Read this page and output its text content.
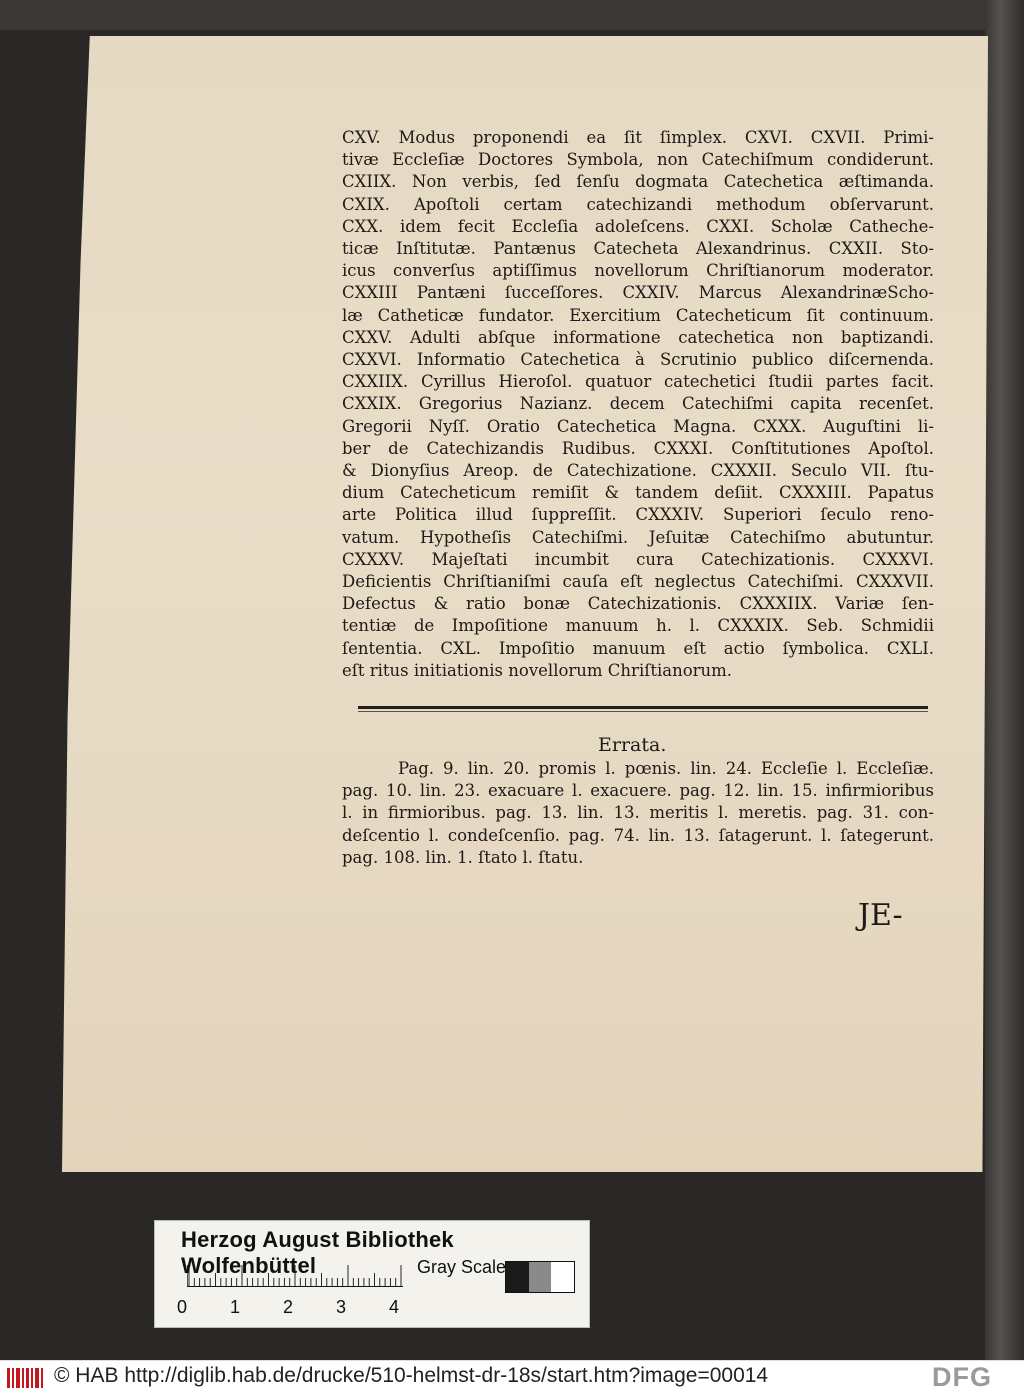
CXV. Modus proponendi ea ſit ſimplex. CXVI. CXVII. Primi-
tivæ Eccleſiæ Doctores Symbola, non Catechiſmum condiderunt.
CXIIX. Non verbis, ſed ſenſu dogmata Catechetica æſtimanda.
CXIX. Apoſtoli certam catechizandi methodum obſervarunt.
CXX. idem fecit Eccleſia adoleſcens. CXXI. Scholæ Catheche-
ticæ Inſtitutæ. Pantænus Catecheta Alexandrinus. CXXII. Sto-
icus converſus aptiſſimus novellorum Chriſtianorum moderator.
CXXIII Pantæni ſucceſſores. CXXIV. Marcus AlexandrinæScho-
læ Catheticæ fundator. Exercitium Catecheticum ſit continuum.
CXXV. Adulti abſque informatione catechetica non baptizandi.
CXXVI. Informatio Catechetica à Scrutinio publico diſcernenda.
CXXIIX. Cyrillus Hieroſol. quatuor catechetici ſtudii partes facit.
CXXIX. Gregorius Nazianz. decem Catechiſmi capita recenſet.
Gregorii Nyſſ. Oratio Catechetica Magna. CXXX. Auguſtini li-
ber de Catechizandis Rudibus. CXXXI. Conſtitutiones Apoſtol.
& Dionyſius Areop. de Catechizatione. CXXXII. Seculo VII. ſtu-
dium Catecheticum remiſit & tandem deſiit. CXXXIII. Papatus
arte Politica illud ſuppreſſit. CXXXIV. Superiori ſeculo reno-
vatum. Hypotheſis Catechiſmi. Jeſuitæ Catechiſmo abutuntur.
CXXXV. Majeſtati incumbit cura Catechizationis. CXXXVI.
Deficientis Chriſtianiſmi cauſa eſt neglectus Catechiſmi. CXXXVII.
Defectus & ratio bonæ Catechizationis. CXXXIIX. Variæ ſen-
tentiæ de Impoſitione manuum h. l. CXXXIX. Seb. Schmidii
ſententia. CXL. Impoſitio manuum eſt actio ſymbolica. CXLI.
eſt ritus initiationis novellorum Chriſtianorum.
Errata.
Pag. 9. lin. 20. promis l. pœnis. lin. 24. Eccleſie l. Eccleſiæ.
pag. 10. lin. 23. exacuare l. exacuere. pag. 12. lin. 15. infirmioribus
l. in firmioribus. pag. 13. lin. 13. meritis l. meretis. pag. 31. con-
deſcentio l. condeſcenſio. pag. 74. lin. 13. ſatagerunt. l. ſategerunt.
pag. 108. lin. 1. ſtato l. ſtatu.
JE-
Herzog August Bibliothek Wolfenbüttel
0 1 2 3 4
Gray Scale
© HAB http://diglib.hab.de/drucke/510-helmst-dr-18s/start.htm?image=00014	DFG
